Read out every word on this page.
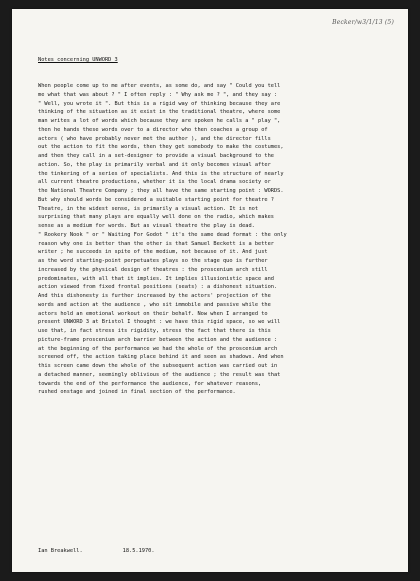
Becker/w3/1/13 (5)
Notes concerning UNWORD 3
When people come up to me after events, as some do, and say " Could you tell
me what that was about ? " I often reply : " Why ask me ? ", and they say :
" Well, you wrote it ". But this is a rigid way of thinking because they are
thinking of the situation as it exist in the traditional theatre, where some
man writes a lot of words which because they are spoken he calls a " play ",
then he hands these words over to a director who then coaches a group of
actors ( who have probably never met the author ), and the director fills
out the action to fit the words, then they get somebody to make the costumes,
and then they call in a set-designer to provide a visual background to the
action. So, the play is primarily verbal and it only becomes visual after
the tinkering of a series of specialists. And this is the structure of nearly
all current theatre productions, whether it is the local drama society or
the National Theatre Company ; they all have the same starting point : WORDS.
But why should words be considered a suitable starting point for theatre ?
Theatre, in the widest sense, is primarily a visual action. It is not
surprising that many plays are equally well done on the radio, which makes
sense as a medium for words. But as visual theatre the play is dead.
" Rookery Nook " or " Waiting For Godot " it's the same dead format : the only
reason why one is better than the other is that Samuel Beckett is a better
writer ; he succeeds in spite of the medium, not because of it. And just
as the word starting-point perpetuates plays so the stage quo is further
increased by the physical design of theatres : the proscenium arch still
predominates, with all that it implies. It implies illusionistic space and
action viewed from fixed frontal positions (seats) : a dishonest situation.
And this dishonesty is further increased by the actors' projection of the
words and action at the audience , who sit immobile and passive while the
actors hold an emotional workout on their behalf. Now when I arranged to
present UNWORD 3 at Bristol I thought : we have this rigid space, so we will
use that, in fact stress its rigidity, stress the fact that there is this
picture-frame proscenium arch barrier between the action and the audience :
at the beginning of the performance we had the whole of the proscenium arch
screened off, the action taking place behind it and seen as shadows. And when
this screen came down the whole of the subsequent action was carried out in
a detached manner, seemingly oblivious of the audience ; the result was that
towards the end of the performance the audience, for whatever reasons,
rushed onstage and joined in final section of the performance.
Ian Breakwell.	18.5.1970.
